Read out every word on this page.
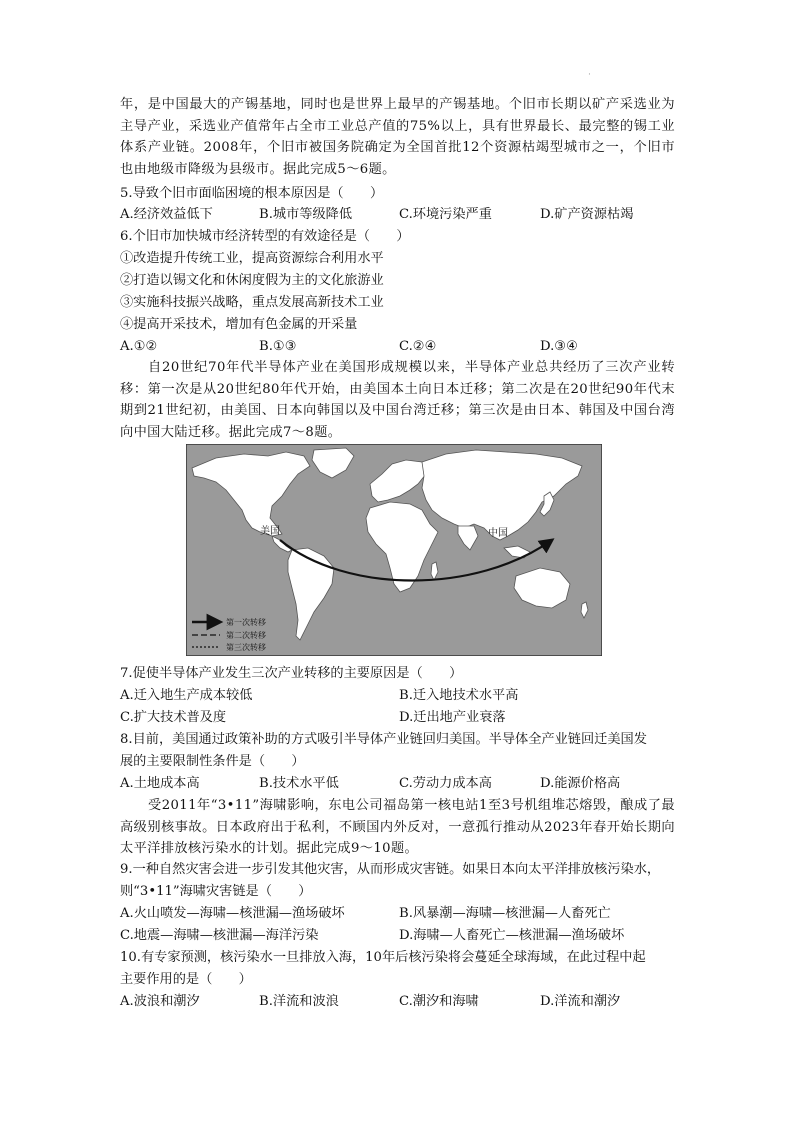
·
年，是中国最大的产锡基地，同时也是世界上最早的产锡基地。个旧市长期以矿产采选业为主导产业，采选业产值常年占全市工业总产值的75%以上，具有世界最长、最完整的锡工业体系产业链。2008年，个旧市被国务院确定为全国首批12个资源枯竭型城市之一，个旧市也由地级市降级为县级市。据此完成5～6题。
5.导致个旧市面临困境的根本原因是（　　）
A.经济效益低下	B.城市等级降低	C.环境污染严重	D.矿产资源枯竭
6.个旧市加快城市经济转型的有效途径是（　　）
①改造提升传统工业，提高资源综合利用水平
②打造以锡文化和休闲度假为主的文化旅游业
③实施科技振兴战略，重点发展高新技术工业
④提高开采技术，增加有色金属的开采量
A.①②	B.①③	C.②④	D.③④
自20世纪70年代半导体产业在美国形成规模以来，半导体产业总共经历了三次产业转移：第一次是从20世纪80年代开始，由美国本土向日本迁移；第二次是在20世纪90年代末期到21世纪初，由美国、日本向韩国以及中国台湾迁移；第三次是由日本、韩国及中国台湾向中国大陆迁移。据此完成7～8题。
美国	中国
第一次转移
第二次转移
第三次转移
7.促使半导体产业发生三次产业转移的主要原因是（　　）
A.迁入地生产成本较低	B.迁入地技术水平高
C.扩大技术普及度	D.迁出地产业衰落
8.目前，美国通过政策补助的方式吸引半导体产业链回归美国。半导体全产业链回迁美国发
展的主要限制性条件是（　　）
A.土地成本高	B.技术水平低	C.劳动力成本高	D.能源价格高
受2011年“3•11”海啸影响，东电公司福岛第一核电站1至3号机组堆芯熔毁，酿成了最高级别核事故。日本政府出于私利，不顾国内外反对，一意孤行推动从2023年春开始长期向太平洋排放核污染水的计划。据此完成9～10题。
9.一种自然灾害会进一步引发其他灾害，从而形成灾害链。如果日本向太平洋排放核污染水，
则“3•11”海啸灾害链是（　　）
A.火山喷发—海啸—核泄漏—渔场破坏	B.风暴潮—海啸—核泄漏—人畜死亡
C.地震—海啸—核泄漏—海洋污染	D.海啸—人畜死亡—核泄漏—渔场破坏
10.有专家预测，核污染水一旦排放入海，10年后核污染将会蔓延全球海域，在此过程中起
主要作用的是（　　）
A.波浪和潮汐	B.洋流和波浪	C.潮汐和海啸	D.洋流和潮汐
